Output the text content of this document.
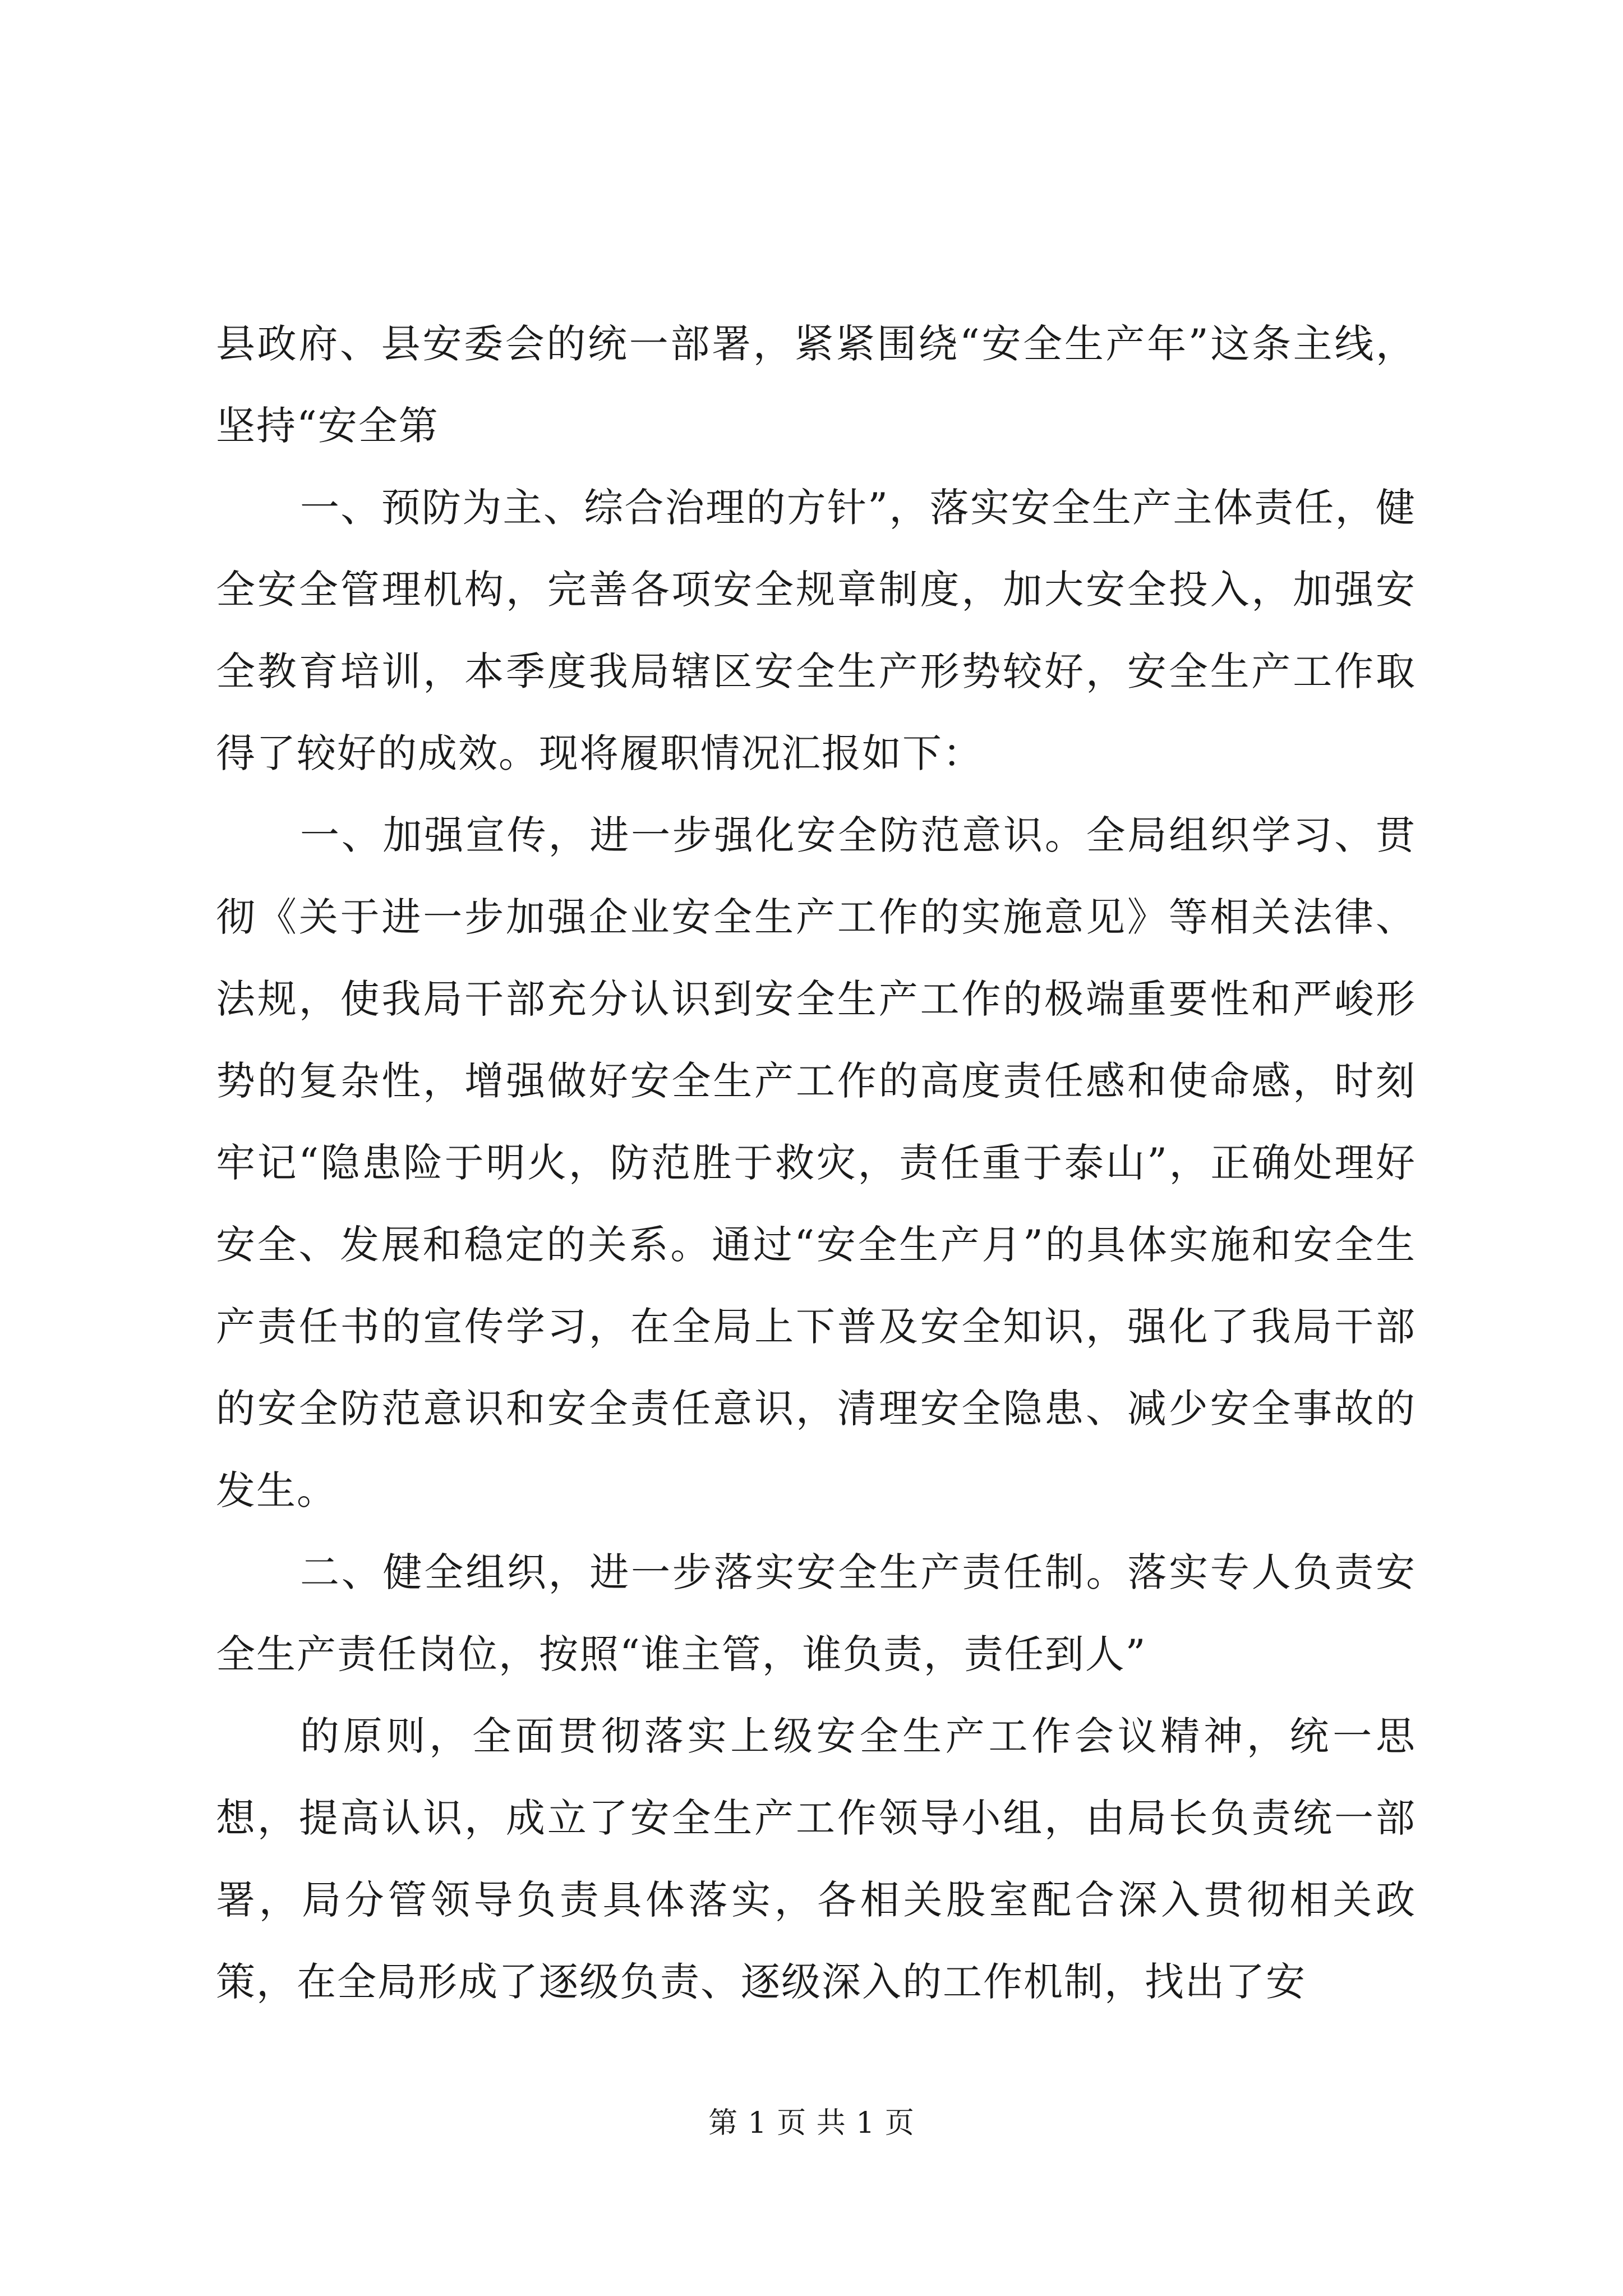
县政府、县安委会的统一部署，紧紧围绕“安全生产年”这条主线，坚持“安全第

一、预防为主、综合治理的方针”，落实安全生产主体责任，健全安全管理机构，完善各项安全规章制度，加大安全投入，加强安全教育培训，本季度我局辖区安全生产形势较好，安全生产工作取得了较好的成效。现将履职情况汇报如下：

一、加强宣传，进一步强化安全防范意识。全局组织学习、贯彻《关于进一步加强企业安全生产工作的实施意见》等相关法律、法规，使我局干部充分认识到安全生产工作的极端重要性和严峻形势的复杂性，增强做好安全生产工作的高度责任感和使命感，时刻牢记“隐患险于明火，防范胜于救灾，责任重于泰山”，正确处理好安全、发展和稳定的关系。通过“安全生产月”的具体实施和安全生产责任书的宣传学习，在全局上下普及安全知识，强化了我局干部的安全防范意识和安全责任意识，清理安全隐患、减少安全事故的发生。

二、健全组织，进一步落实安全生产责任制。落实专人负责安全生产责任岗位，按照“谁主管，谁负责，责任到人”

的原则，全面贯彻落实上级安全生产工作会议精神，统一思想，提高认识，成立了安全生产工作领导小组，由局长负责统一部署，局分管领导负责具体落实，各相关股室配合深入贯彻相关政策，在全局形成了逐级负责、逐级深入的工作机制，找出了安

第 1 页 共 1 页
